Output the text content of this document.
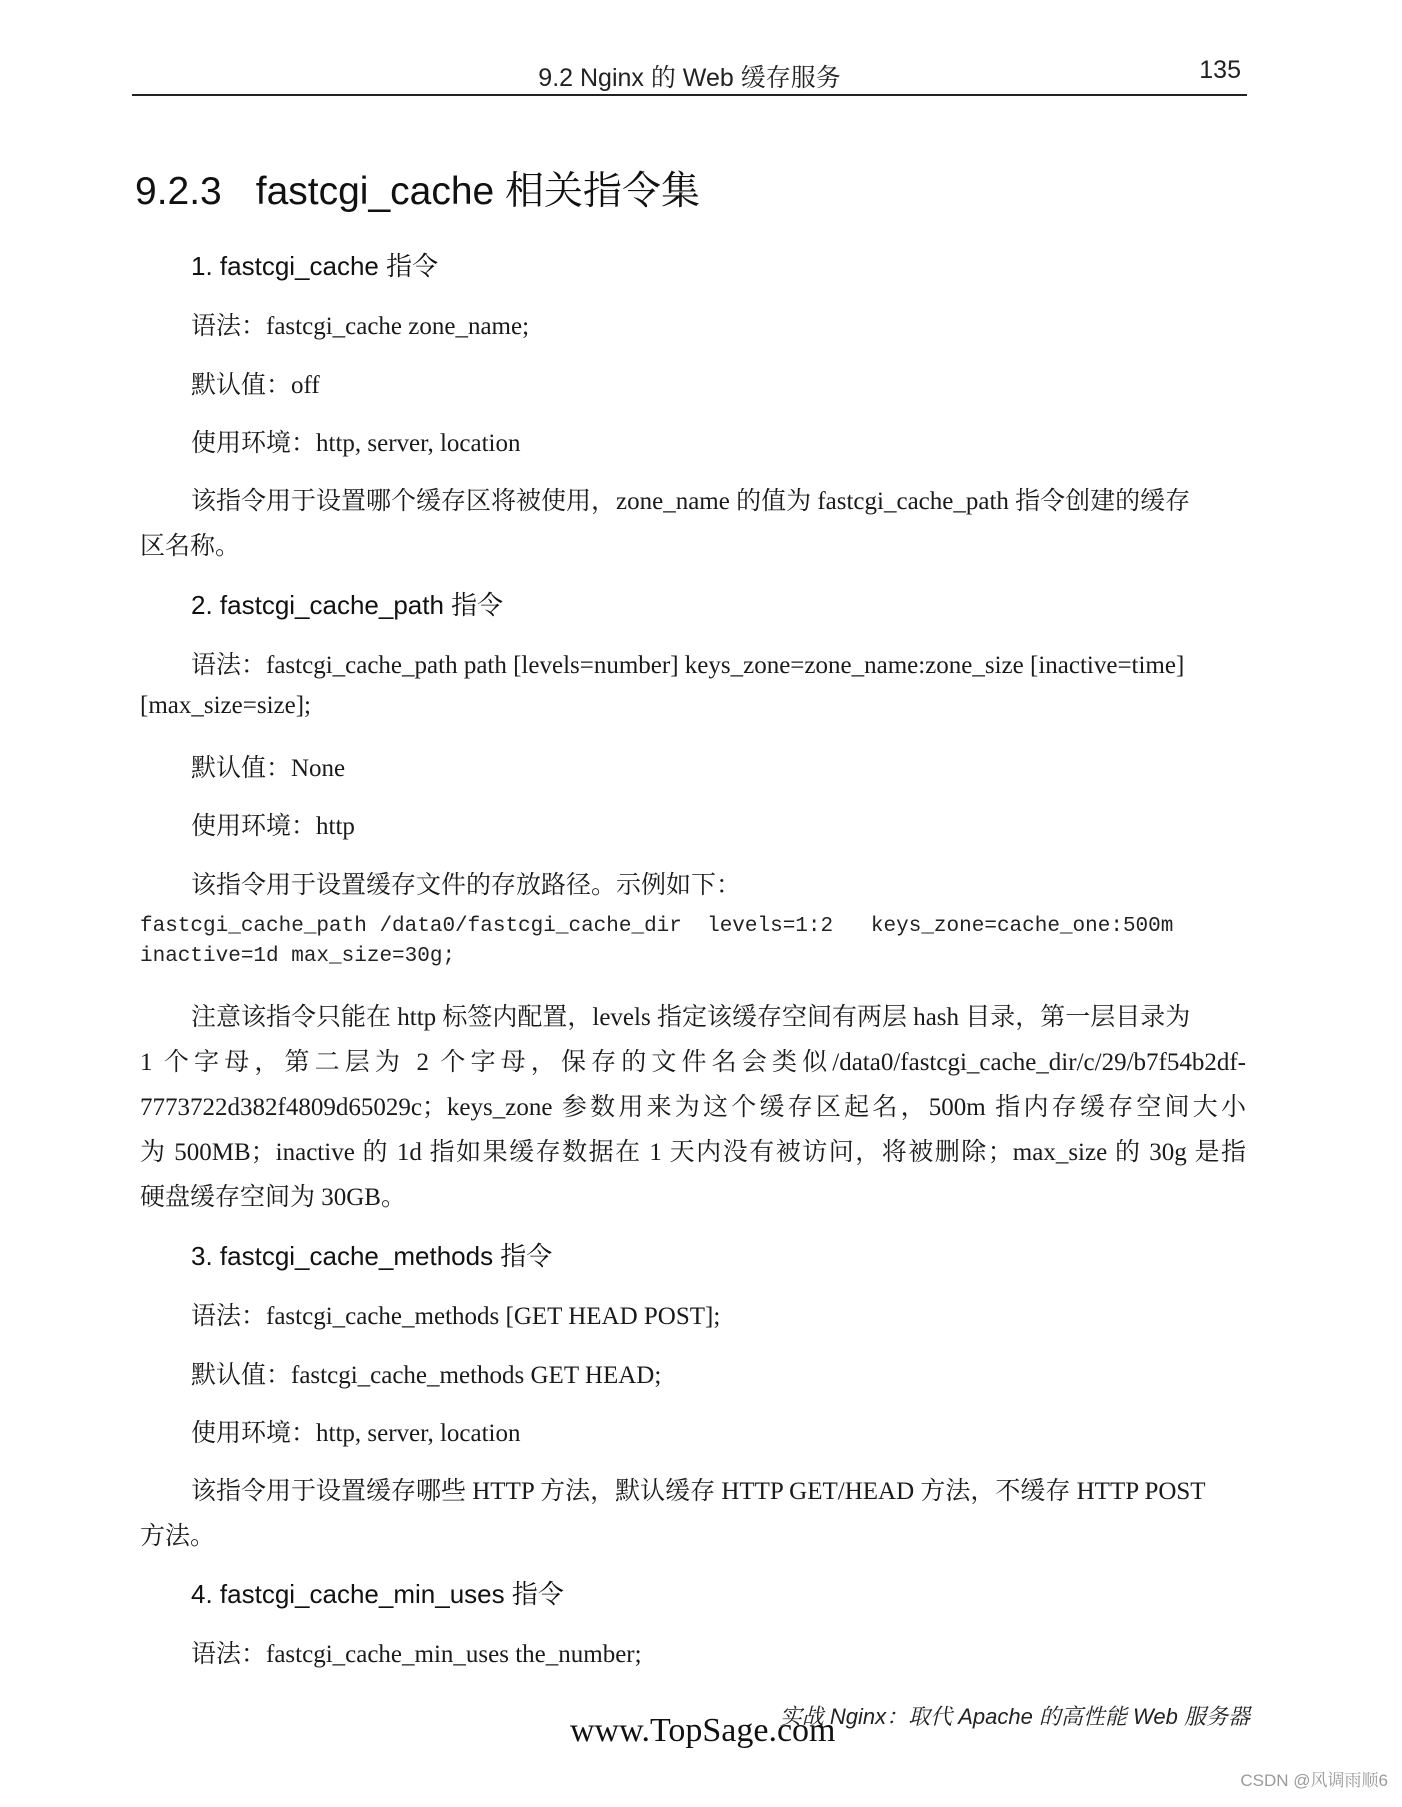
9.2 Nginx 的 Web 缓存服务	135
9.2.3 fastcgi_cache 相关指令集
1. fastcgi_cache 指令
语法：fastcgi_cache zone_name;
默认值：off
使用环境：http, server, location
该指令用于设置哪个缓存区将被使用，zone_name 的值为 fastcgi_cache_path 指令创建的缓存
区名称。
2. fastcgi_cache_path 指令
语法：fastcgi_cache_path path [levels=number] keys_zone=zone_name:zone_size [inactive=time]
[max_size=size];
默认值：None
使用环境：http
该指令用于设置缓存文件的存放路径。示例如下：
fastcgi_cache_path /data0/fastcgi_cache_dir  levels=1:2   keys_zone=cache_one:500m
inactive=1d max_size=30g;
注意该指令只能在 http 标签内配置，levels 指定该缓存空间有两层 hash 目录，第一层目录为
1 个字母，第二层为 2 个字母，保存的文件名会类似/data0/fastcgi_cache_dir/c/29/b7f54b2df-
7773722d382f4809d65029c；keys_zone 参数用来为这个缓存区起名，500m 指内存缓存空间大小
为 500MB；inactive 的 1d 指如果缓存数据在 1 天内没有被访问，将被删除；max_size 的 30g 是指
硬盘缓存空间为 30GB。
3. fastcgi_cache_methods 指令
语法：fastcgi_cache_methods [GET HEAD POST];
默认值：fastcgi_cache_methods GET HEAD;
使用环境：http, server, location
该指令用于设置缓存哪些 HTTP 方法，默认缓存 HTTP GET/HEAD 方法，不缓存 HTTP POST
方法。
4. fastcgi_cache_min_uses 指令
语法：fastcgi_cache_min_uses the_number;
实战 Nginx：取代 Apache 的高性能 Web 服务器
www.TopSage.com
CSDN @风调雨顺6
